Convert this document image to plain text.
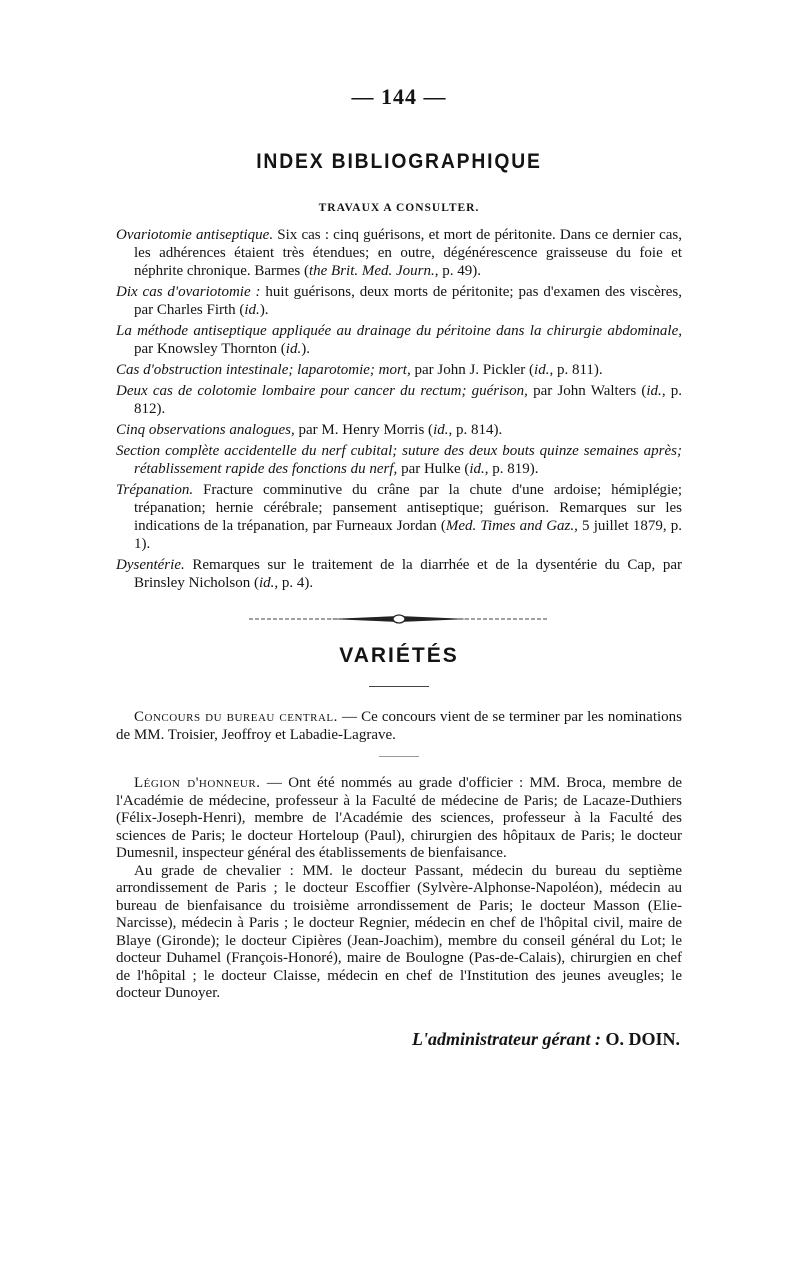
— 144 —
INDEX BIBLIOGRAPHIQUE
TRAVAUX A CONSULTER.

Ovariotomie antiseptique. Six cas : cinq guérisons, et mort de péritonite. Dans ce dernier cas, les adhérences étaient très étendues; en outre, dégénérescence graisseuse du foie et néphrite chronique. Barmes (the Brit. Med. Journ., p. 49).

Dix cas d'ovariotomie : huit guérisons, deux morts de péritonite; pas d'examen des viscères, par Charles Firth (id.).

La méthode antiseptique appliquée au drainage du péritoine dans la chirurgie abdominale, par Knowsley Thornton (id.).

Cas d'obstruction intestinale; laparotomie; mort, par John J. Pickler (id., p. 811).

Deux cas de colotomie lombaire pour cancer du rectum; guérison, par John Walters (id., p. 812).

Cinq observations analogues, par M. Henry Morris (id., p. 814).

Section complète accidentelle du nerf cubital; suture des deux bouts quinze semaines après; rétablissement rapide des fonctions du nerf, par Hulke (id., p. 819).

Trépanation. Fracture comminutive du crâne par la chute d'une ardoise; hémiplégie; trépanation; hernie cérébrale; pansement antiseptique; guérison. Remarques sur les indications de la trépanation, par Furneaux Jordan (Med. Times and Gaz., 5 juillet 1879, p. 1).

Dysentérie. Remarques sur le traitement de la diarrhée et de la dysentérie du Cap, par Brinsley Nicholson (id., p. 4).

VARIÉTÉS

Concours du bureau central. — Ce concours vient de se terminer par les nominations de MM. Troisier, Jeoffroy et Labadie-Lagrave.

Légion d'honneur. — Ont été nommés au grade d'officier : MM. Broca, membre de l'Académie de médecine, professeur à la Faculté de médecine de Paris; de Lacaze-Duthiers (Félix-Joseph-Henri), membre de l'Académie des sciences, professeur à la Faculté des sciences de Paris; le docteur Horteloup (Paul), chirurgien des hôpitaux de Paris; le docteur Dumesnil, inspecteur général des établissements de bienfaisance.

Au grade de chevalier : MM. le docteur Passant, médecin du bureau du septième arrondissement de Paris ; le docteur Escoffier (Sylvère-Alphonse-Napoléon), médecin au bureau de bienfaisance du troisième arrondissement de Paris; le docteur Masson (Elie-Narcisse), médecin à Paris ; le docteur Regnier, médecin en chef de l'hôpital civil, maire de Blaye (Gironde); le docteur Cipières (Jean-Joachim), membre du conseil général du Lot; le docteur Duhamel (François-Honoré), maire de Boulogne (Pas-de-Calais), chirurgien en chef de l'hôpital ; le docteur Claisse, médecin en chef de l'Institution des jeunes aveugles; le docteur Dunoyer.

L'administrateur gérant : O. DOIN.
